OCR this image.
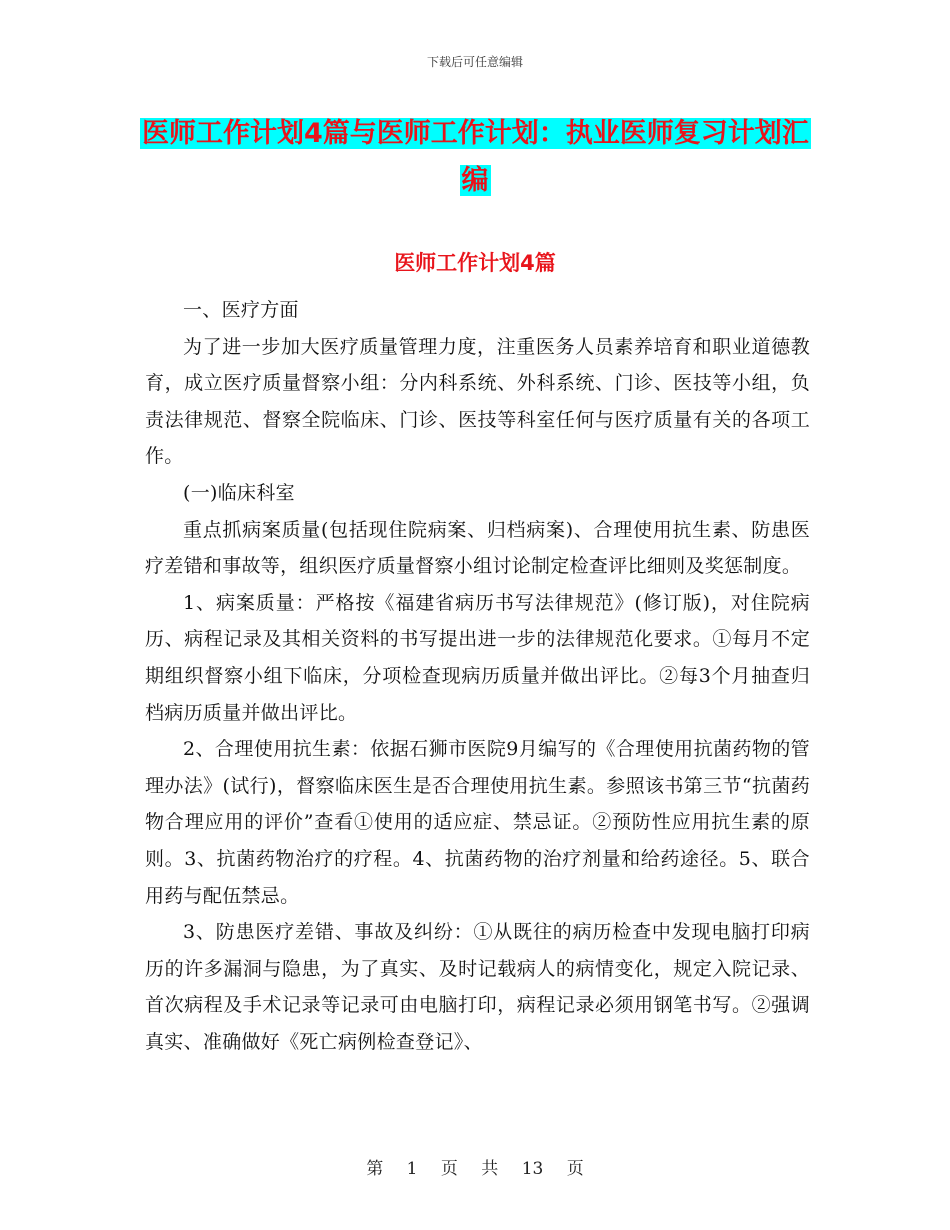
下载后可任意编辑
医师工作计划4篇与医师工作计划：执业医师复习计划汇编
医师工作计划4篇

一、医疗方面

为了进一步加大医疗质量管理力度，注重医务人员素养培育和职业道德教育，成立医疗质量督察小组：分内科系统、外科系统、门诊、医技等小组，负责法律规范、督察全院临床、门诊、医技等科室任何与医疗质量有关的各项工作。

(一)临床科室

重点抓病案质量(包括现住院病案、归档病案)、合理使用抗生素、防患医疗差错和事故等，组织医疗质量督察小组讨论制定检查评比细则及奖惩制度。

1、病案质量：严格按《福建省病历书写法律规范》(修订版)，对住院病历、病程记录及其相关资料的书写提出进一步的法律规范化要求。①每月不定期组织督察小组下临床，分项检查现病历质量并做出评比。②每3个月抽查归档病历质量并做出评比。

2、合理使用抗生素：依据石狮市医院9月编写的《合理使用抗菌药物的管理办法》(试行)，督察临床医生是否合理使用抗生素。参照该书第三节“抗菌药物合理应用的评价”查看①使用的适应症、禁忌证。②预防性应用抗生素的原则。3、抗菌药物治疗的疗程。4、抗菌药物的治疗剂量和给药途径。5、联合用药与配伍禁忌。

3、防患医疗差错、事故及纠纷：①从既往的病历检查中发现电脑打印病历的许多漏洞与隐患，为了真实、及时记载病人的病情变化，规定入院记录、首次病程及手术记录等记录可由电脑打印，病程记录必须用钢笔书写。②强调真实、准确做好《死亡病例检查登记》、

第 1 页 共 13 页
